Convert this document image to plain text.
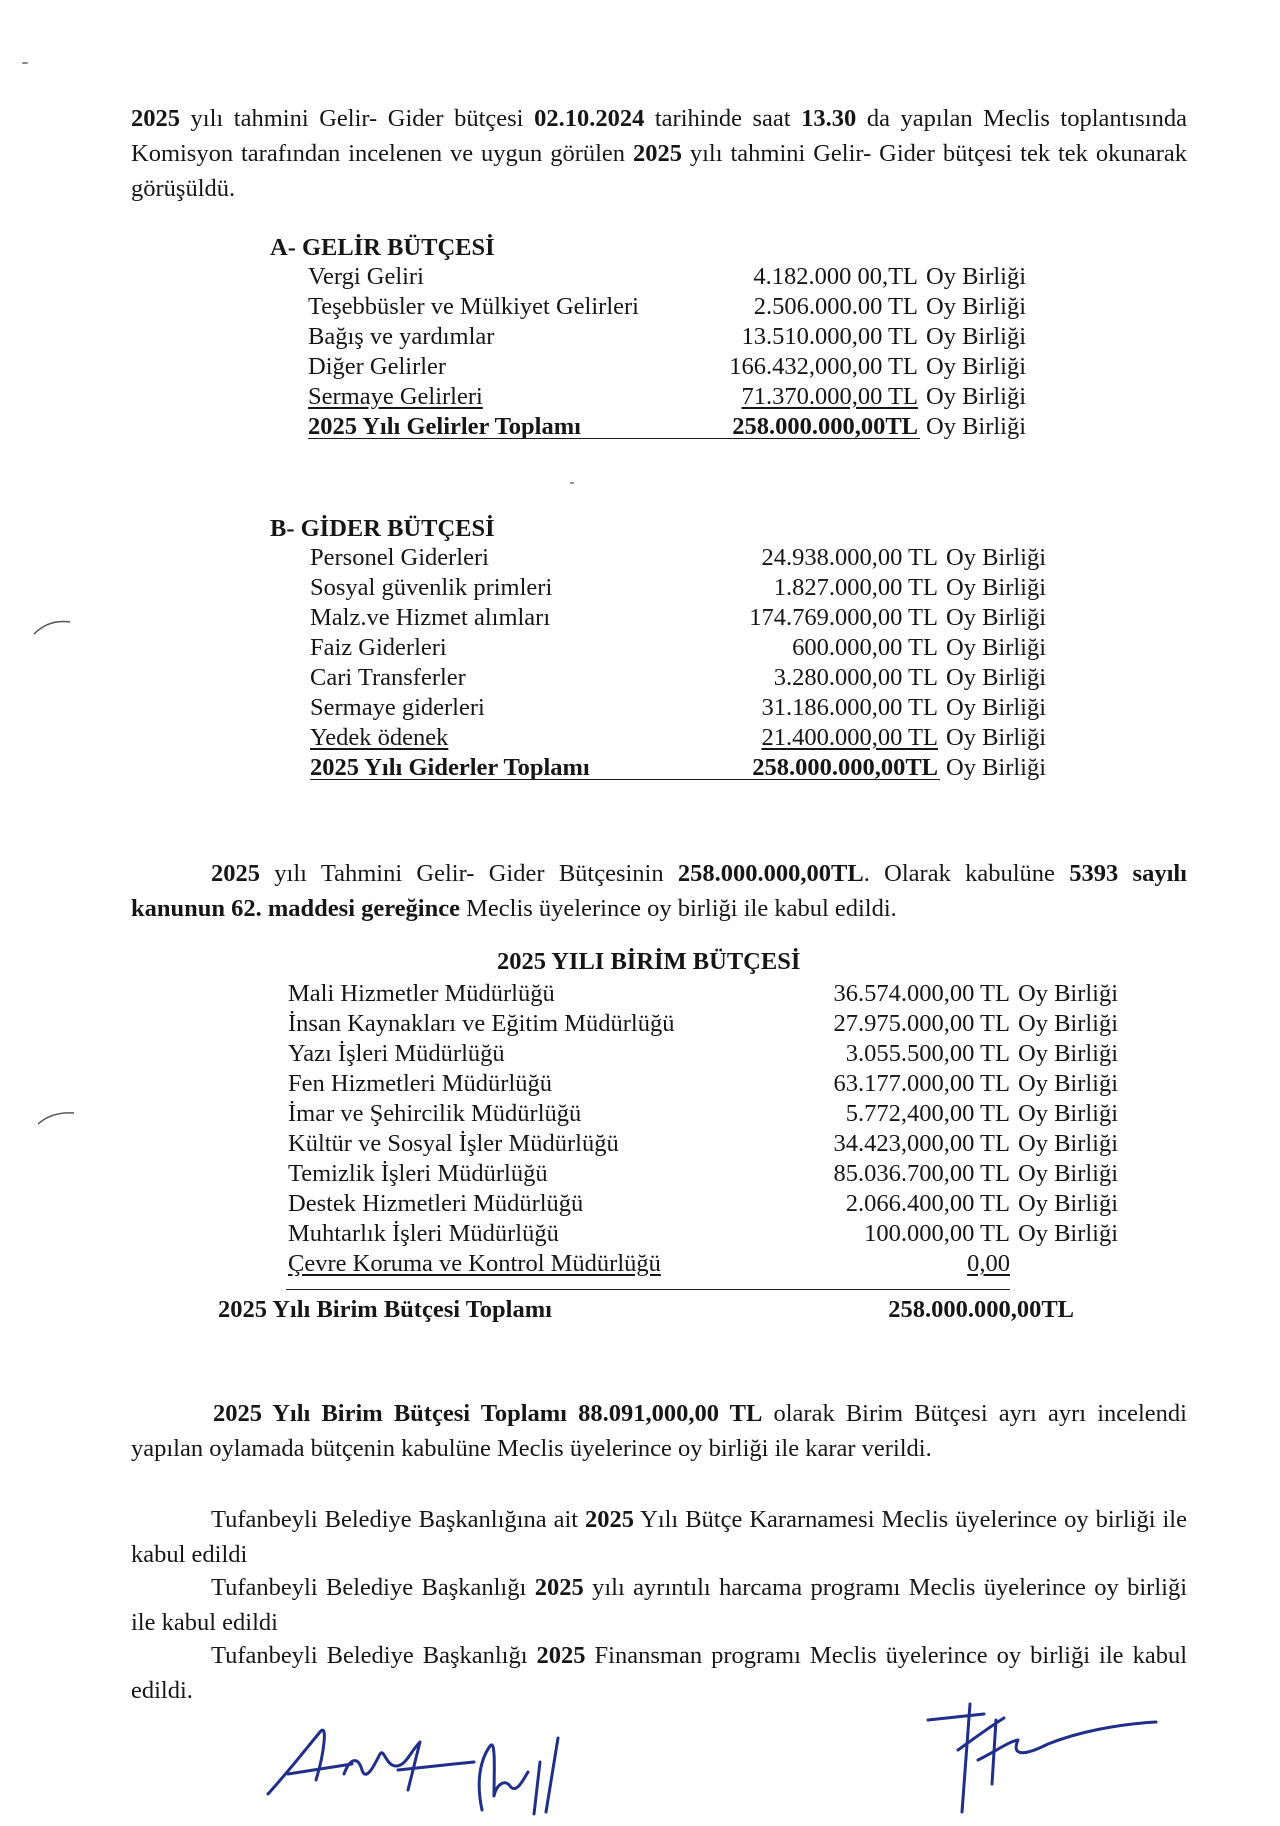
2025 yılı tahmini Gelir- Gider bütçesi 02.10.2024 tarihinde saat 13.30 da yapılan Meclis toplantısında Komisyon tarafından incelenen ve uygun görülen 2025 yılı tahmini Gelir- Gider bütçesi tek tek okunarak görüşüldü.
A- GELİR BÜTÇESİ
Vergi Geliri
Teşebbüsler ve Mülkiyet Gelirleri
Bağış ve yardımlar
Diğer Gelirler
Sermaye Gelirleri
2025 Yılı Gelirler Toplamı
4.182.000 00,TL
2.506.000.00 TL
13.510.000,00 TL
166.432,000,00 TL
71.370.000,00 TL
258.000.000,00TL
Oy Birliği
Oy Birliği
Oy Birliği
Oy Birliği
Oy Birliği
Oy Birliği
B- GİDER BÜTÇESİ
Personel Giderleri
Sosyal güvenlik primleri
Malz.ve Hizmet alımları
Faiz Giderleri
Cari Transferler
Sermaye giderleri
Yedek ödenek
2025 Yılı Giderler Toplamı
24.938.000,00 TL
1.827.000,00 TL
174.769.000,00 TL
600.000,00 TL
3.280.000,00 TL
31.186.000,00 TL
21.400.000,00 TL
258.000.000,00TL
Oy Birliği
Oy Birliği
Oy Birliği
Oy Birliği
Oy Birliği
Oy Birliği
Oy Birliği
Oy Birliği
2025 yılı Tahmini Gelir- Gider Bütçesinin 258.000.000,00TL. Olarak kabulüne 5393 sayılı kanunun 62. maddesi gereğince Meclis üyelerince oy birliği ile kabul edildi.
2025 YILI BİRİM BÜTÇESİ
Mali Hizmetler Müdürlüğü
İnsan Kaynakları ve Eğitim Müdürlüğü
Yazı İşleri Müdürlüğü
Fen Hizmetleri Müdürlüğü
İmar ve Şehircilik Müdürlüğü
Kültür ve Sosyal İşler Müdürlüğü
Temizlik İşleri Müdürlüğü
Destek Hizmetleri Müdürlüğü
Muhtarlık İşleri Müdürlüğü
Çevre Koruma ve Kontrol Müdürlüğü
36.574.000,00 TL
27.975.000,00 TL
3.055.500,00 TL
63.177.000,00 TL
5.772,400,00 TL
34.423,000,00 TL
85.036.700,00 TL
2.066.400,00 TL
100.000,00 TL
0,00
Oy Birliği
Oy Birliği
Oy Birliği
Oy Birliği
Oy Birliği
Oy Birliği
Oy Birliği
Oy Birliği
Oy Birliği
2025 Yılı Birim Bütçesi Toplamı	258.000.000,00TL
2025 Yılı Birim Bütçesi Toplamı 88.091,000,00 TL olarak Birim Bütçesi ayrı ayrı incelendi yapılan oylamada bütçenin kabulüne Meclis üyelerince oy birliği ile karar verildi.
Tufanbeyli Belediye Başkanlığına ait 2025 Yılı Bütçe Kararnamesi Meclis üyelerince oy birliği ile kabul edildi
Tufanbeyli Belediye Başkanlığı 2025 yılı ayrıntılı harcama programı Meclis üyelerince oy birliği ile kabul edildi
Tufanbeyli Belediye Başkanlığı 2025 Finansman programı Meclis üyelerince oy birliği ile kabul edildi.
